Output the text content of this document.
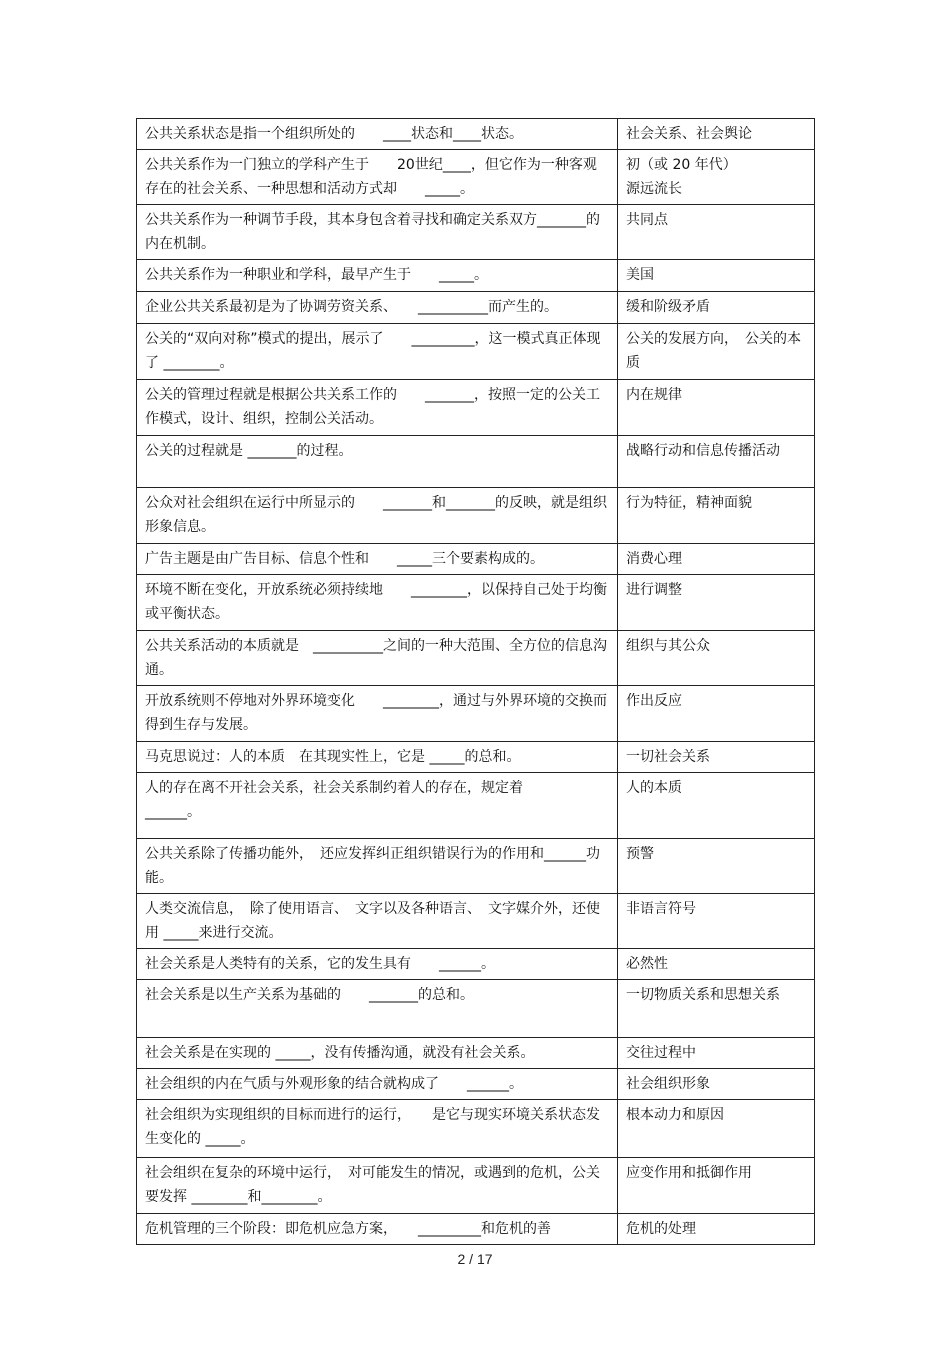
公共关系状态是指一个组织所处的　　____状态和____状态。	社会关系、社会舆论
公共关系作为一门独立的学科产生于　　20世纪____，但它作为一种客观存在的社会关系、一种思想和活动方式却　　_____。	初（或 20 年代）
源远流长
公共关系作为一种调节手段，其本身包含着寻找和确定关系双方_______的内在机制。	共同点
公共关系作为一种职业和学科，最早产生于　　_____。	美国
企业公共关系最初是为了协调劳资关系、　　__________而产生的。	缓和阶级矛盾
公关的“双向对称”模式的提出，展示了　　_________，这一模式真正体现了 ________。	公关的发展方向，　公关的本质
公关的管理过程就是根据公共关系工作的　　_______，按照一定的公关工作模式，设计、组织，控制公关活动。	内在规律
公关的过程就是 _______的过程。	战略行动和信息传播活动
公众对社会组织在运行中所显示的　　_______和_______的反映，就是组织形象信息。	行为特征，精神面貌
广告主题是由广告目标、信息个性和　　_____三个要素构成的。	消费心理
环境不断在变化，开放系统必须持续地　　________，以保持自己处于均衡或平衡状态。	进行调整
公共关系活动的本质就是　__________之间的一种大范围、全方位的信息沟通。	组织与其公众
开放系统则不停地对外界环境变化　　________，通过与外界环境的交换而得到生存与发展。	作出反应
马克思说过：人的本质　在其现实性上，它是 _____的总和。	一切社会关系
人的存在离不开社会关系，社会关系制约着人的存在，规定着
______。	人的本质
公共关系除了传播功能外，　还应发挥纠正组织错误行为的作用和______功能。	预警
人类交流信息，　除了使用语言、　文字以及各种语言、　文字媒介外，还使用 _____来进行交流。	非语言符号
社会关系是人类特有的关系，它的发生具有　　______。	必然性
社会关系是以生产关系为基础的　　_______的总和。	一切物质关系和思想关系
社会关系是在实现的 _____，没有传播沟通，就没有社会关系。	交往过程中
社会组织的内在气质与外观形象的结合就构成了　　______。	社会组织形象
社会组织为实现组织的目标而进行的运行，　　是它与现实环境关系状态发生变化的 _____。	根本动力和原因
社会组织在复杂的环境中运行，　对可能发生的情况，或遇到的危机，公关要发挥 ________和________。	应变作用和抵御作用
危机管理的三个阶段：即危机应急方案，　　_________和危机的善	危机的处理
2 / 17
